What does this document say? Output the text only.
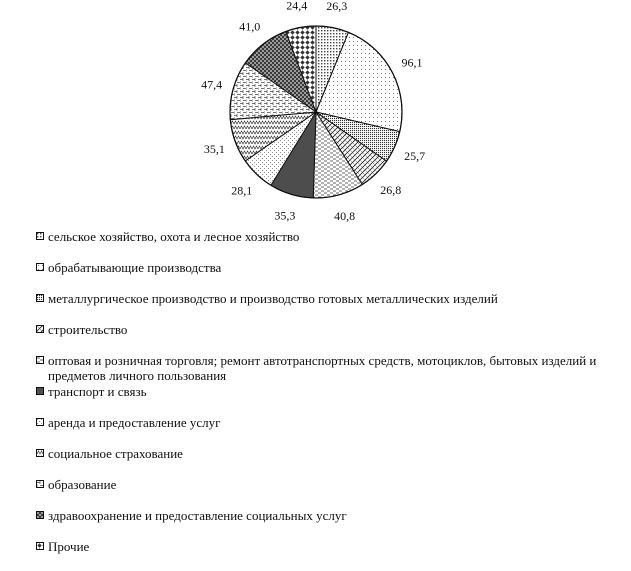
26,3
96,1
25,7
26,8
40,8
35,3
28,1
35,1
47,4
41,0
24,4
сельское хозяйство, охота и лесное хозяйство
обрабатывающие производства
металлургическое производство и производство готовых металлических изделий
строительство
оптовая и розничная торговля; ремонт автотранспортных средств, мотоциклов, бытовых изделий и предметов личного пользования
транспорт и связь
аренда и предоставление услуг
социальное страхование
образование
здравоохранение и предоставление социальных услуг
Прочие
